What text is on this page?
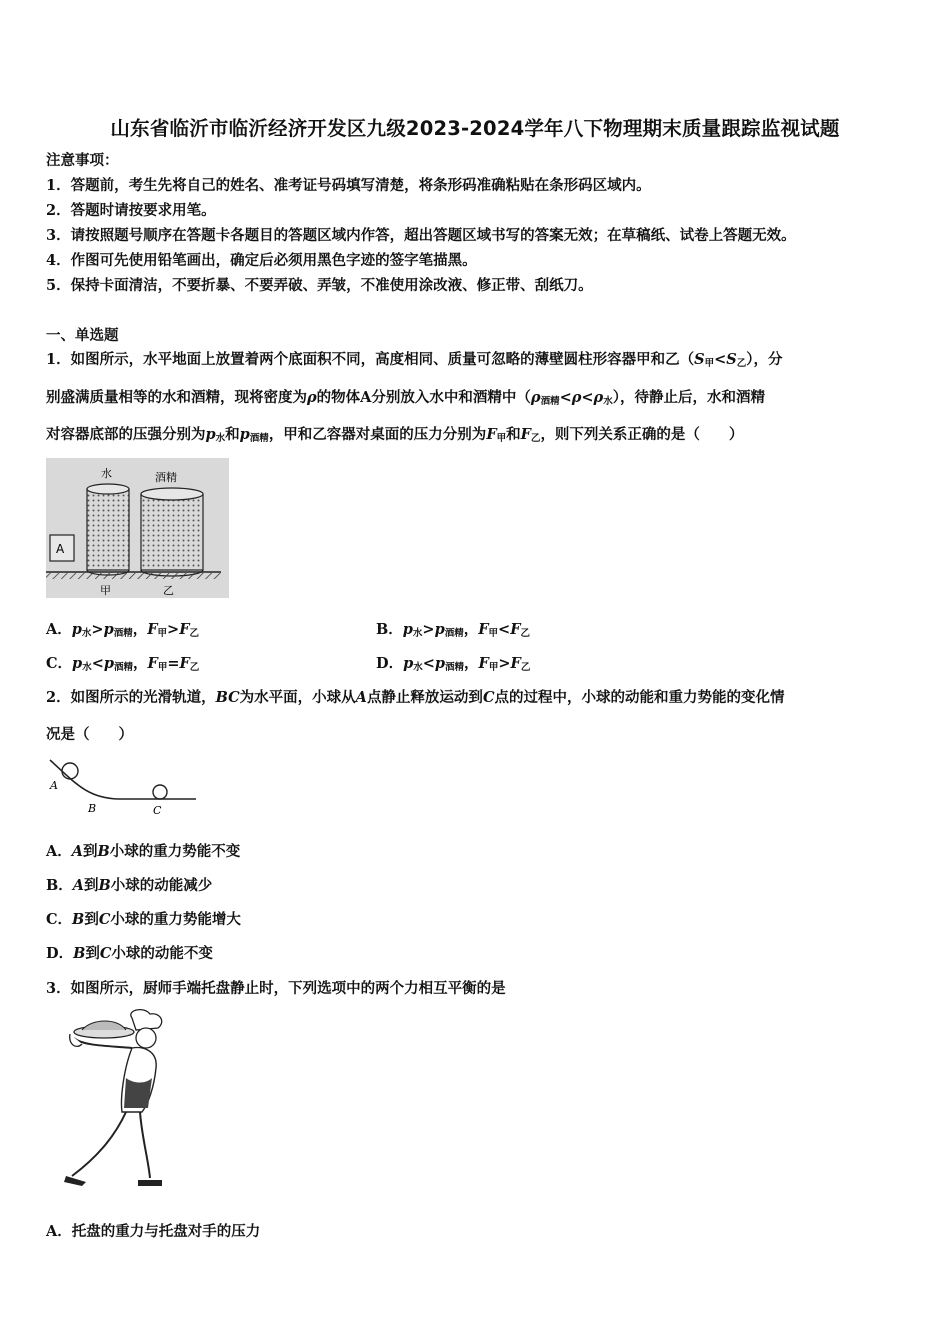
山东省临沂市临沂经济开发区九级2023-2024学年八下物理期末质量跟踪监视试题
注意事项：
1．答题前，考生先将自己的姓名、准考证号码填写清楚，将条形码准确粘贴在条形码区域内。
2．答题时请按要求用笔。
3．请按照题号顺序在答题卡各题目的答题区域内作答，超出答题区域书写的答案无效；在草稿纸、试卷上答题无效。
4．作图可先使用铅笔画出，确定后必须用黑色字迹的签字笔描黑。
5．保持卡面清洁，不要折暴、不要弄破、弄皱，不准使用涂改液、修正带、刮纸刀。
一、单选题
1．如图所示，水平地面上放置着两个底面积不同，高度相同、质量可忽略的薄壁圆柱形容器甲和乙$(S_甲<S_乙)$，分
别盛满质量相等的水和酒精，现将密度为ρ的物体A分别放入水中和酒精中$(\rho_{酒精}<\rho<\rho_水)$，待静止后，水和酒精
对容器底部的压强分别为$p_水$和$p_{酒精}$，甲和乙容器对桌面的压力分别为$F_甲$和$F_乙$，则下列关系正确的是（　　）
A
水	酒精
甲	乙
A．$p_水>p_{酒精}$，$F_甲>F_乙$	B．$p_水>p_{酒精}$，$F_甲<F_乙$
C．$p_水<p_{酒精}$，$F_甲=F_乙$	D．$p_水<p_{酒精}$，$F_甲>F_乙$
2．如图所示的光滑轨道，BC为水平面，小球从A点静止释放运动到C点的过程中，小球的动能和重力势能的变化情
况是（　　）
A
B	C
A．A到B小球的重力势能不变
B．A到B小球的动能减少
C．B到C小球的重力势能增大
D．B到C小球的动能不变
3．如图所示，厨师手端托盘静止时，下列选项中的两个力相互平衡的是
A．托盘的重力与托盘对手的压力
